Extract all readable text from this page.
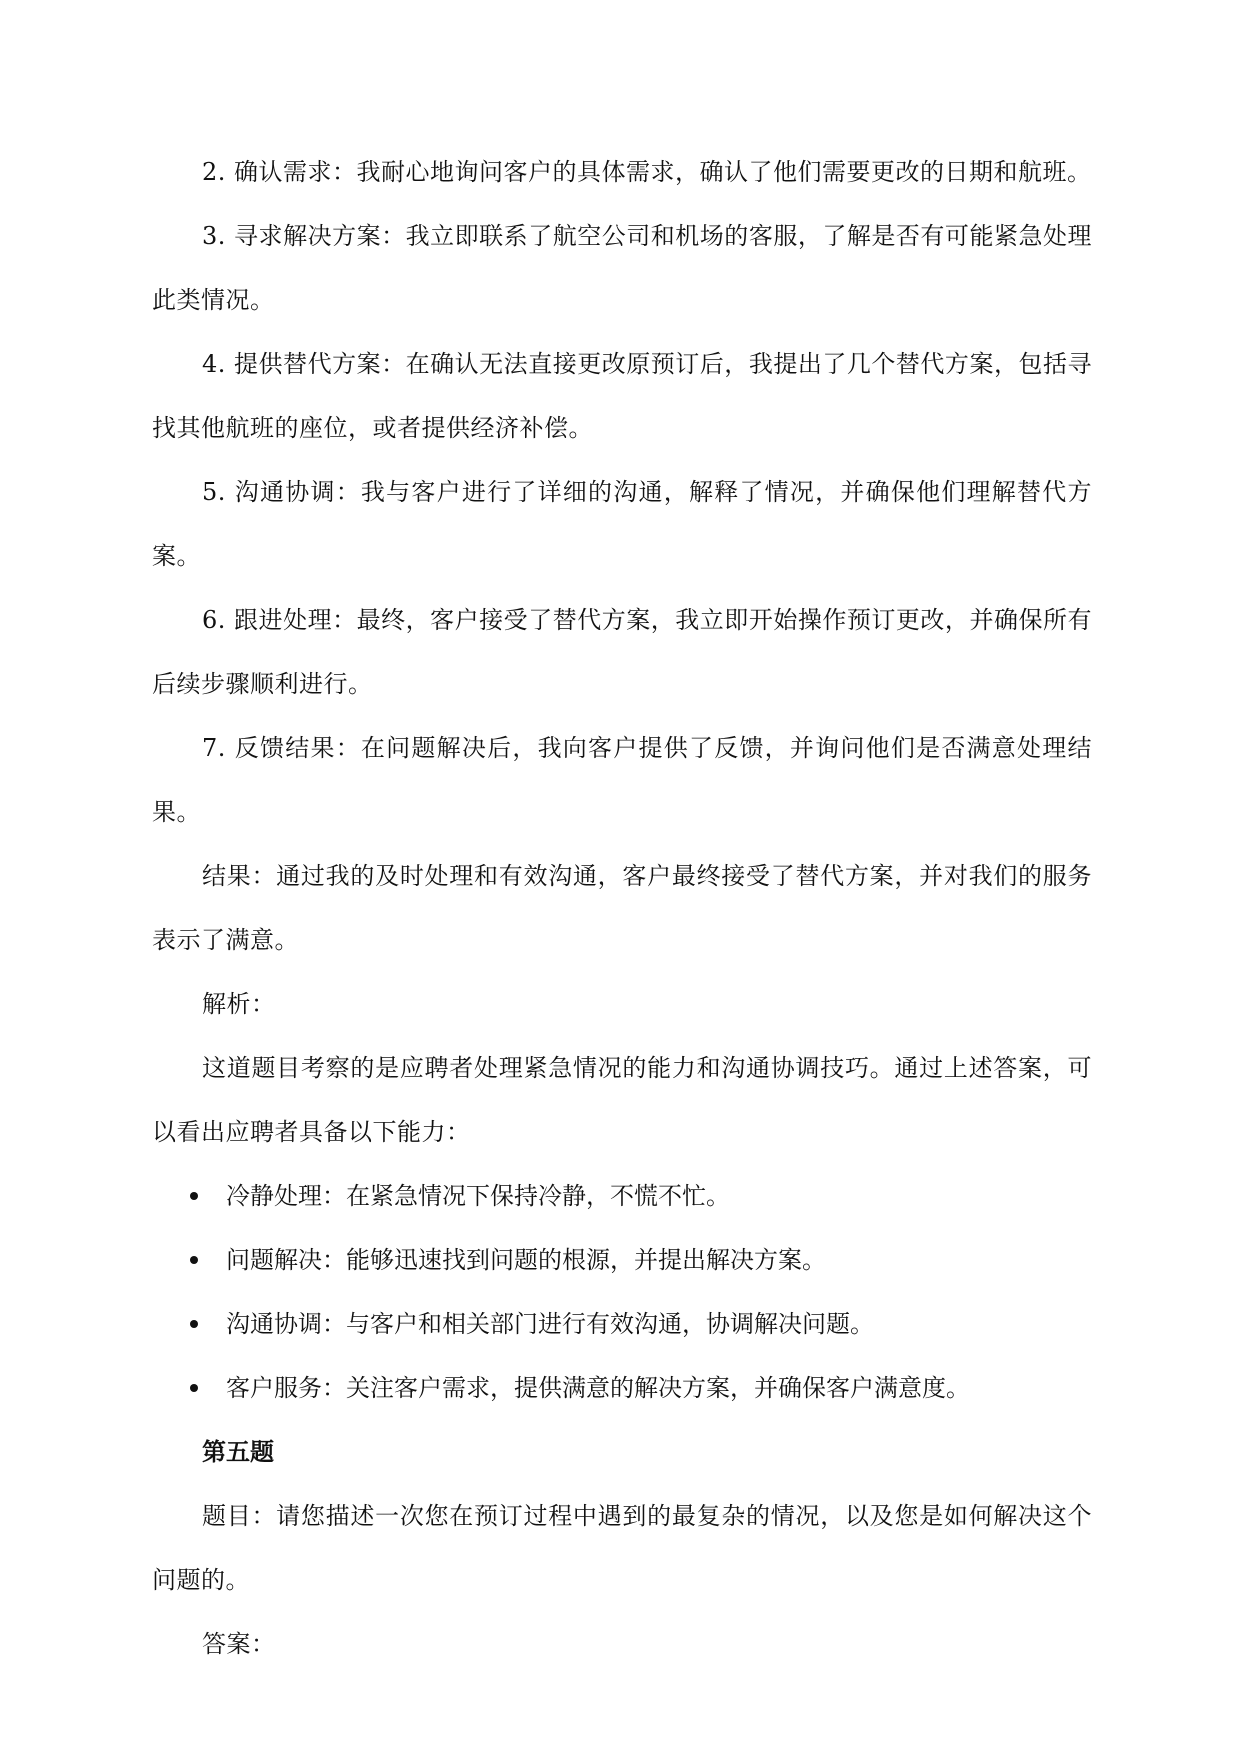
2. 确认需求：我耐心地询问客户的具体需求，确认了他们需要更改的日期和航班。

3. 寻求解决方案：我立即联系了航空公司和机场的客服，了解是否有可能紧急处理此类情况。

4. 提供替代方案：在确认无法直接更改原预订后，我提出了几个替代方案，包括寻找其他航班的座位，或者提供经济补偿。

5. 沟通协调：我与客户进行了详细的沟通，解释了情况，并确保他们理解替代方案。

6. 跟进处理：最终，客户接受了替代方案，我立即开始操作预订更改，并确保所有后续步骤顺利进行。

7. 反馈结果：在问题解决后，我向客户提供了反馈，并询问他们是否满意处理结果。

结果：通过我的及时处理和有效沟通，客户最终接受了替代方案，并对我们的服务表示了满意。

解析：

这道题目考察的是应聘者处理紧急情况的能力和沟通协调技巧。通过上述答案，可以看出应聘者具备以下能力：

冷静处理：在紧急情况下保持冷静，不慌不忙。
问题解决：能够迅速找到问题的根源，并提出解决方案。
沟通协调：与客户和相关部门进行有效沟通，协调解决问题。
客户服务：关注客户需求，提供满意的解决方案，并确保客户满意度。

第五题

题目：请您描述一次您在预订过程中遇到的最复杂的情况，以及您是如何解决这个问题的。

答案：
